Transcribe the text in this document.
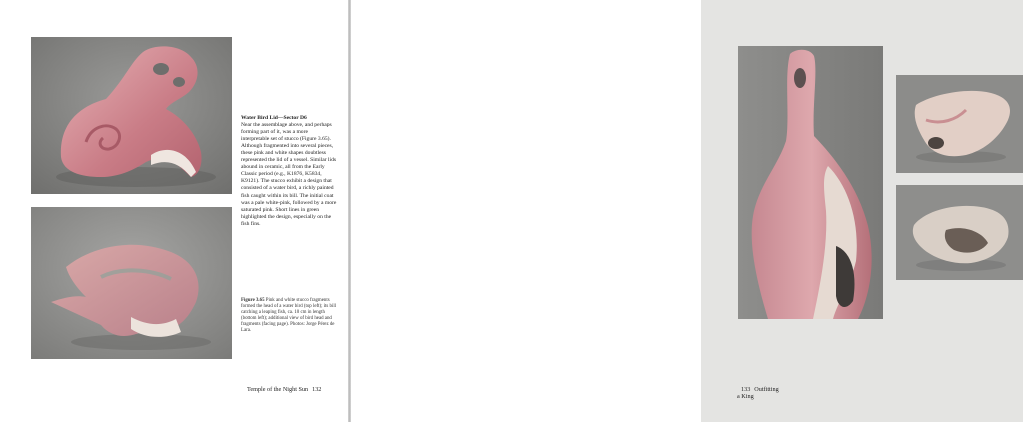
Water Bird Lid—Sector D6
Near the assemblage above, and perhaps forming part of it, was a more interpretable set of stucco (Figure 3.65). Although fragmented into several pieces, these pink and white shapes doubtless represented the lid of a vessel. Similar lids abound in ceramic, all from the Early Classic period (e.g., K1876, K5834, K9121). The stucco exhibit a design that consisted of a water bird, a richly painted fish caught within its bill. The initial coat was a pale white-pink, followed by a more saturated pink. Short lines in green highlighted the design, especially on the fish fins.
Figure 3.65 Pink and white stucco fragments formed the head of a water bird (top left); its bill catching a leaping fish, ca. 10 cm in length (bottom left); additional view of bird head and fragments (facing page). Photos: Jorge Pérez de Lara.
Temple of the Night Sun 132	133 Outfitting a King
